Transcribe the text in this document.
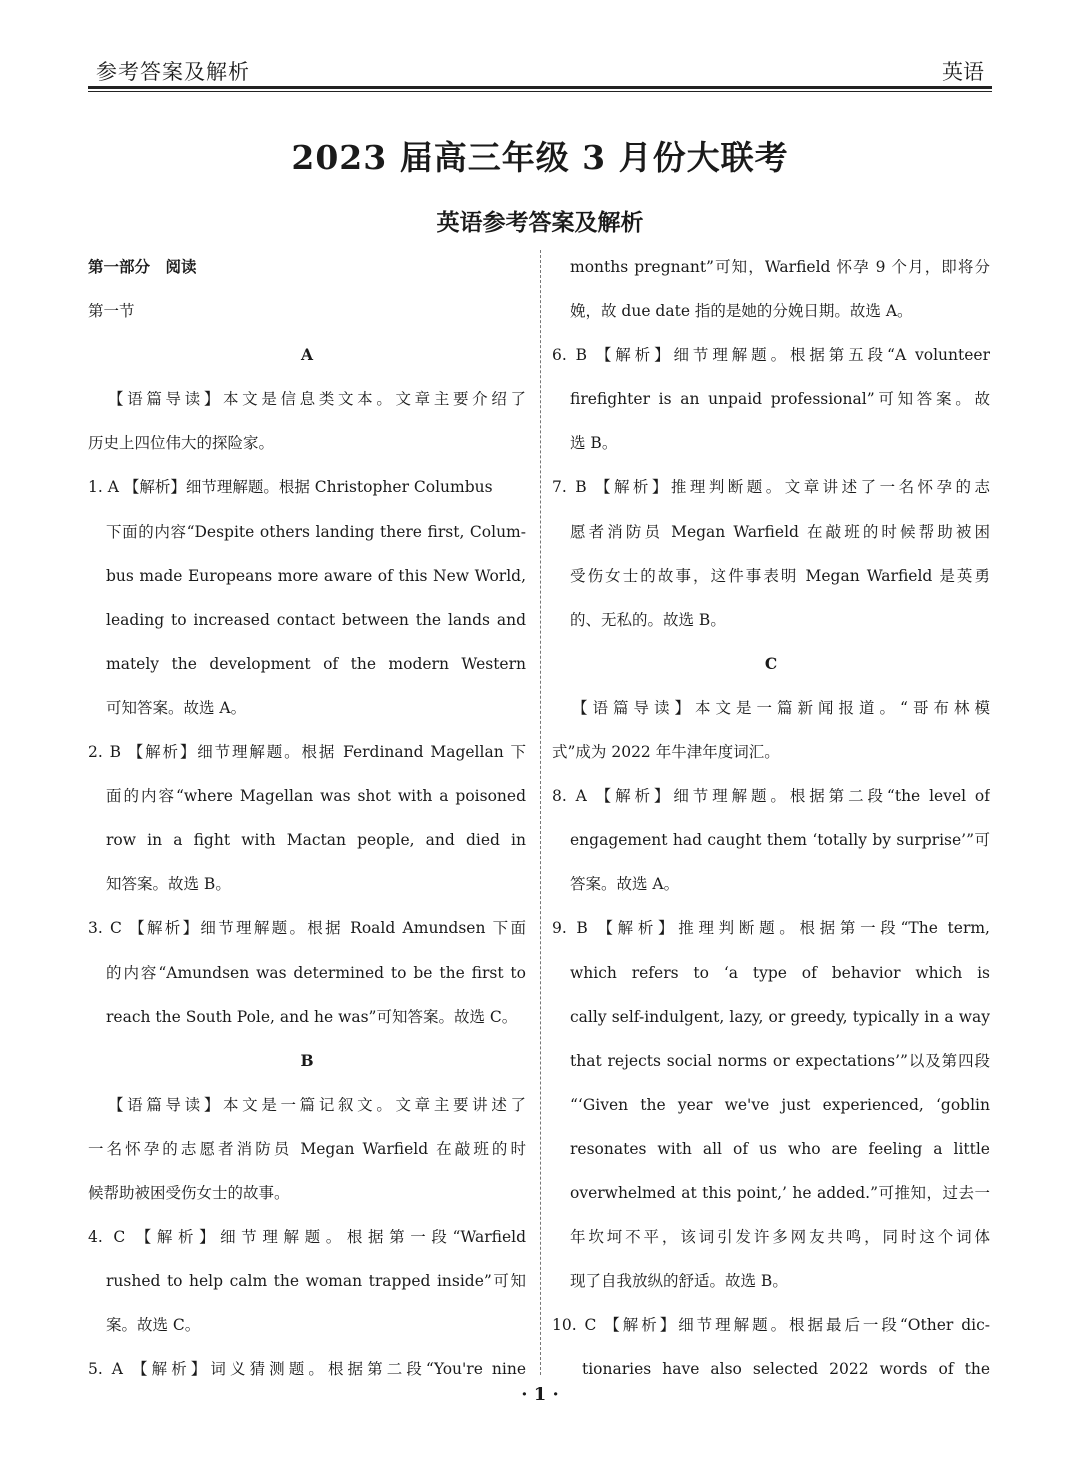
参考答案及解析	英语
2023 届高三年级 3 月份大联考
英语参考答案及解析
第一部分　阅读
第一节
A
【语篇导读】本文是信息类文本。文章主要介绍了
历史上四位伟大的探险家。
1. A 【解析】细节理解题。根据 Christopher Columbus
下面的内容“Despite others landing there first, Colum-
bus made Europeans more aware of this New World,
leading to increased contact between the lands and
mately the development of the modern Western
可知答案。故选 A。
2. B 【解析】细节理解题。根据 Ferdinand Magellan 下
面的内容“where Magellan was shot with a poisoned
row in a fight with Mactan people, and died in
知答案。故选 B。
3. C 【解析】细节理解题。根据 Roald Amundsen 下面
的内容“Amundsen was determined to be the first to
reach the South Pole, and he was”可知答案。故选 C。
B
【语篇导读】本文是一篇记叙文。文章主要讲述了
一名怀孕的志愿者消防员 Megan Warfield 在敲班的时
候帮助被困受伤女士的故事。
4. C 【解析】细节理解题。根据第一段“Warfield
rushed to help calm the woman trapped inside”可知
案。故选 C。
5. A 【解析】词义猜测题。根据第二段“You're nine
months pregnant”可知，Warfield 怀孕 9 个月，即将分
娩，故 due date 指的是她的分娩日期。故选 A。
6. B 【解析】细节理解题。根据第五段“A volunteer
firefighter is an unpaid professional”可知答案。故
选 B。
7. B 【解析】推理判断题。文章讲述了一名怀孕的志
愿者消防员 Megan Warfield 在敲班的时候帮助被困
受伤女士的故事，这件事表明 Megan Warfield 是英勇
的、无私的。故选 B。
C
【语篇导读】本文是一篇新闻报道。“哥布林模
式”成为 2022 年牛津年度词汇。
8. A 【解析】细节理解题。根据第二段“the level of
engagement had caught them ‘totally by surprise’”可
答案。故选 A。
9. B 【解析】推理判断题。根据第一段“The term,
which refers to ‘a type of behavior which is
cally self-indulgent, lazy, or greedy, typically in a way
that rejects social norms or expectations’”以及第四段
“‘Given the year we've just experienced, ‘goblin
resonates with all of us who are feeling a little
overwhelmed at this point,’ he added.”可推知，过去一
年坎坷不平，该词引发许多网友共鸣，同时这个词体
现了自我放纵的舒适。故选 B。
10. C 【解析】细节理解题。根据最后一段“Other dic-
tionaries have also selected 2022 words of the
· 1 ·
